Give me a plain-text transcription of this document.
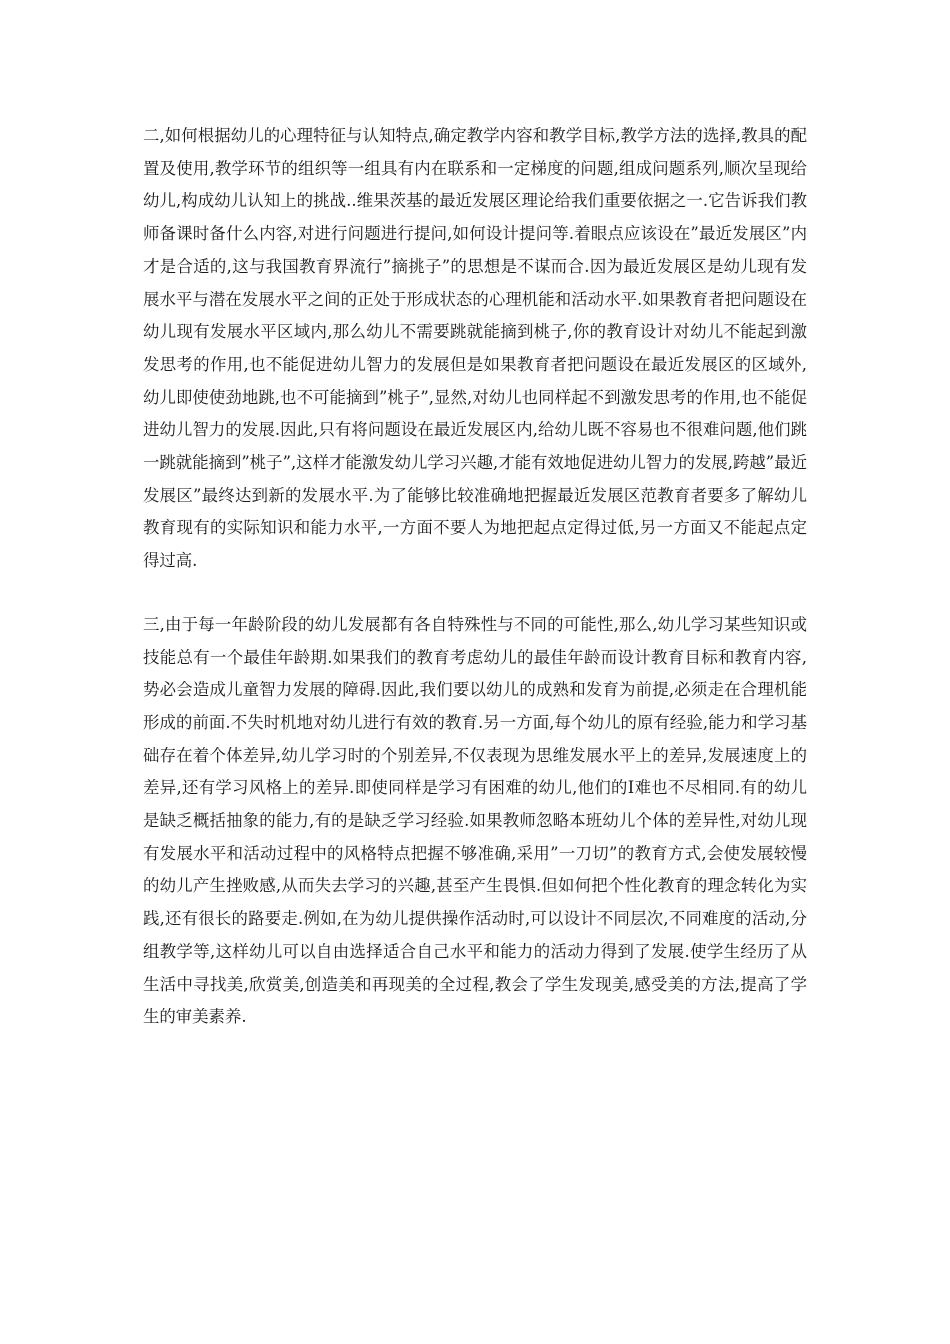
二,如何根据幼儿的心理特征与认知特点,确定教学内容和教学目标,教学方法的选择,教具的配置及使用,教学环节的组织等一组具有内在联系和一定梯度的问题,组成问题系列,顺次呈现给幼儿,构成幼儿认知上的挑战..维果茨基的最近发展区理论给我们重要依据之一.它告诉我们教师备课时备什么内容,对进行问题进行提问,如何设计提问等.着眼点应该设在”最近发展区”内才是合适的,这与我国教育界流行”摘挑子”的思想是不谋而合.因为最近发展区是幼儿现有发展水平与潜在发展水平之间的正处于形成状态的心理机能和活动水平.如果教育者把问题设在幼儿现有发展水平区域内,那么幼儿不需要跳就能摘到桃子,你的教育设计对幼儿不能起到激发思考的作用,也不能促进幼儿智力的发展但是如果教育者把问题设在最近发展区的区域外,幼儿即使使劲地跳,也不可能摘到”桃子”,显然,对幼儿也同样起不到激发思考的作用,也不能促进幼儿智力的发展.因此,只有将问题设在最近发展区内,给幼儿既不容易也不很难问题,他们跳一跳就能摘到”桃子”,这样才能激发幼儿学习兴趣,才能有效地促进幼儿智力的发展,跨越”最近发展区”最终达到新的发展水平.为了能够比较准确地把握最近发展区范教育者要多了解幼儿教育现有的实际知识和能力水平,一方面不要人为地把起点定得过低,另一方面又不能起点定得过高.

三,由于每一年龄阶段的幼儿发展都有各自特殊性与不同的可能性,那么,幼儿学习某些知识或技能总有一个最佳年龄期.如果我们的教育考虑幼儿的最佳年龄而设计教育目标和教育内容,势必会造成儿童智力发展的障碍.因此,我们要以幼儿的成熟和发育为前提,必须走在合理机能形成的前面.不失时机地对幼儿进行有效的教育.另一方面,每个幼儿的原有经验,能力和学习基础存在着个体差异,幼儿学习时的个别差异,不仅表现为思维发展水平上的差异,发展速度上的差异,还有学习风格上的差异.即使同样是学习有困难的幼儿,他们的I难也不尽相同.有的幼儿是缺乏概括抽象的能力,有的是缺乏学习经验.如果教师忽略本班幼儿个体的差异性,对幼儿现有发展水平和活动过程中的风格特点把握不够准确,采用”一刀切”的教育方式,会使发展较慢的幼儿产生挫败感,从而失去学习的兴趣,甚至产生畏惧.但如何把个性化教育的理念转化为实践,还有很长的路要走.例如,在为幼儿提供操作活动时,可以设计不同层次,不同难度的活动,分组教学等,这样幼儿可以自由选择适合自己水平和能力的活动力得到了发展.使学生经历了从生活中寻找美,欣赏美,创造美和再现美的全过程,教会了学生发现美,感受美的方法,提高了学生的审美素养.
